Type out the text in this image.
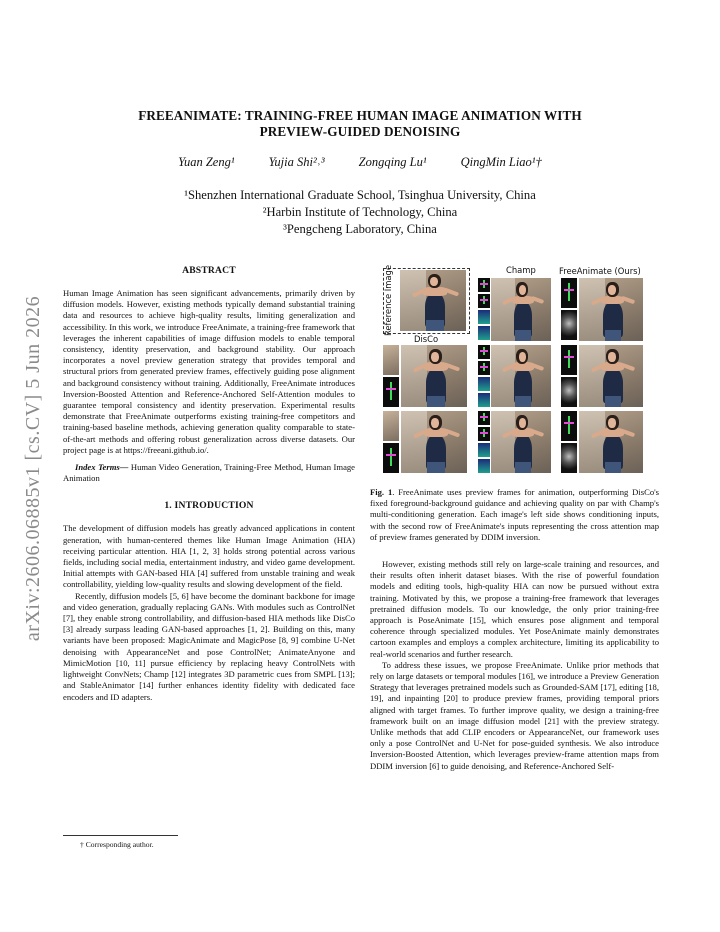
arXiv:2606.06885v1 [cs.CV] 5 Jun 2026
FREEANIMATE: TRAINING-FREE HUMAN IMAGE ANIMATION WITH
PREVIEW-GUIDED DENOISING
Yuan Zeng¹	Yujia Shi²˒³	Zongqing Lu¹	QingMin Liao¹†
¹Shenzhen International Graduate School, Tsinghua University, China
²Harbin Institute of Technology, China
³Pengcheng Laboratory, China
ABSTRACT

Human Image Animation has seen significant advancements, primarily driven by diffusion models. However, existing methods typically demand substantial training data and resources to achieve high-quality results, limiting generalization and accessibility. In this work, we introduce FreeAnimate, a training-free framework that leverages the inherent capabilities of image diffusion models to enable temporal consistency, identity preservation, and background stability. Our approach incorporates a novel preview generation strategy that provides temporal and structural priors from generated preview frames, effectively guiding pose alignment and background consistency without training. Additionally, FreeAnimate introduces Inversion-Boosted Attention and Reference-Anchored Self-Attention modules to guarantee temporal consistency and identity preservation. Experimental results demonstrate that FreeAnimate outperforms existing training-free competitors and training-based baseline methods, achieving generation quality comparable to state-of-the-art methods and offering robust generalization across diverse datasets. Our project page is at https://freeani.github.io/.

Index Terms— Human Video Generation, Training-Free Method, Human Image Animation

1. INTRODUCTION

The development of diffusion models has greatly advanced applications in content generation, with human-centered themes like Human Image Animation (HIA) receiving particular attention. HIA [1, 2, 3] holds strong potential across various fields, including social media, entertainment industry, and video game development. Initial attempts with GAN-based HIA [4] suffered from unstable training and weak controllability, yielding low-quality results and slowing development of the field.

Recently, diffusion models [5, 6] have become the dominant backbone for image and video generation, gradually replacing GANs. With modules such as ControlNet [7], they enable strong controllability, and diffusion-based HIA methods like DisCo [3] already surpass leading GAN-based approaches [1, 2]. Building on this, many variants have been proposed: MagicAnimate and MagicPose [8, 9] combine U-Net denoising with AppearanceNet and pose ControlNet; AnimateAnyone and MimicMotion [10, 11] pursue efficiency by replacing heavy ControlNets with lightweight ConvNets; Champ [12] integrates 3D parametric cues from SMPL [13]; and StableAnimator [14] further enhances identity fidelity with dedicated face encoders and ID adapters.

† Corresponding author.
Champ	FreeAnimate (Ours)
Reference Image
DisCo

Fig. 1. FreeAnimate uses preview frames for animation, outperforming DisCo's fixed foreground-background guidance and achieving quality on par with Champ's multi-conditioning generation. Each image's left side shows conditioning inputs, with the second row of FreeAnimate's inputs representing the cross attention map of preview frames generated by DDIM inversion.

However, existing methods still rely on large-scale training and resources, and their results often inherit dataset biases. With the rise of powerful foundation models and editing tools, high-quality HIA can now be pursued without extra training. Motivated by this, we propose a training-free framework that leverages pretrained diffusion models. To our knowledge, the only prior training-free approach is PoseAnimate [15], which ensures pose alignment and temporal coherence through specialized modules. Yet PoseAnimate mainly demonstrates cartoon examples and employs a complex architecture, limiting its applicability to real-world scenarios and further research.

To address these issues, we propose FreeAnimate. Unlike prior methods that rely on large datasets or temporal modules [16], we introduce a Preview Generation Strategy that leverages pretrained models such as Grounded-SAM [17], editing [18, 19], and inpainting [20] to produce preview frames, providing temporal priors aligned with target frames. To further improve quality, we design a training-free framework built on an image diffusion model [21] with the preview strategy. Unlike methods that add CLIP encoders or AppearanceNet, our framework uses only a pose ControlNet and U-Net for pose-guided synthesis. We also introduce Inversion-Boosted Attention, which leverages preview-frame attention maps from DDIM inversion [6] to guide denoising, and Reference-Anchored Self-
